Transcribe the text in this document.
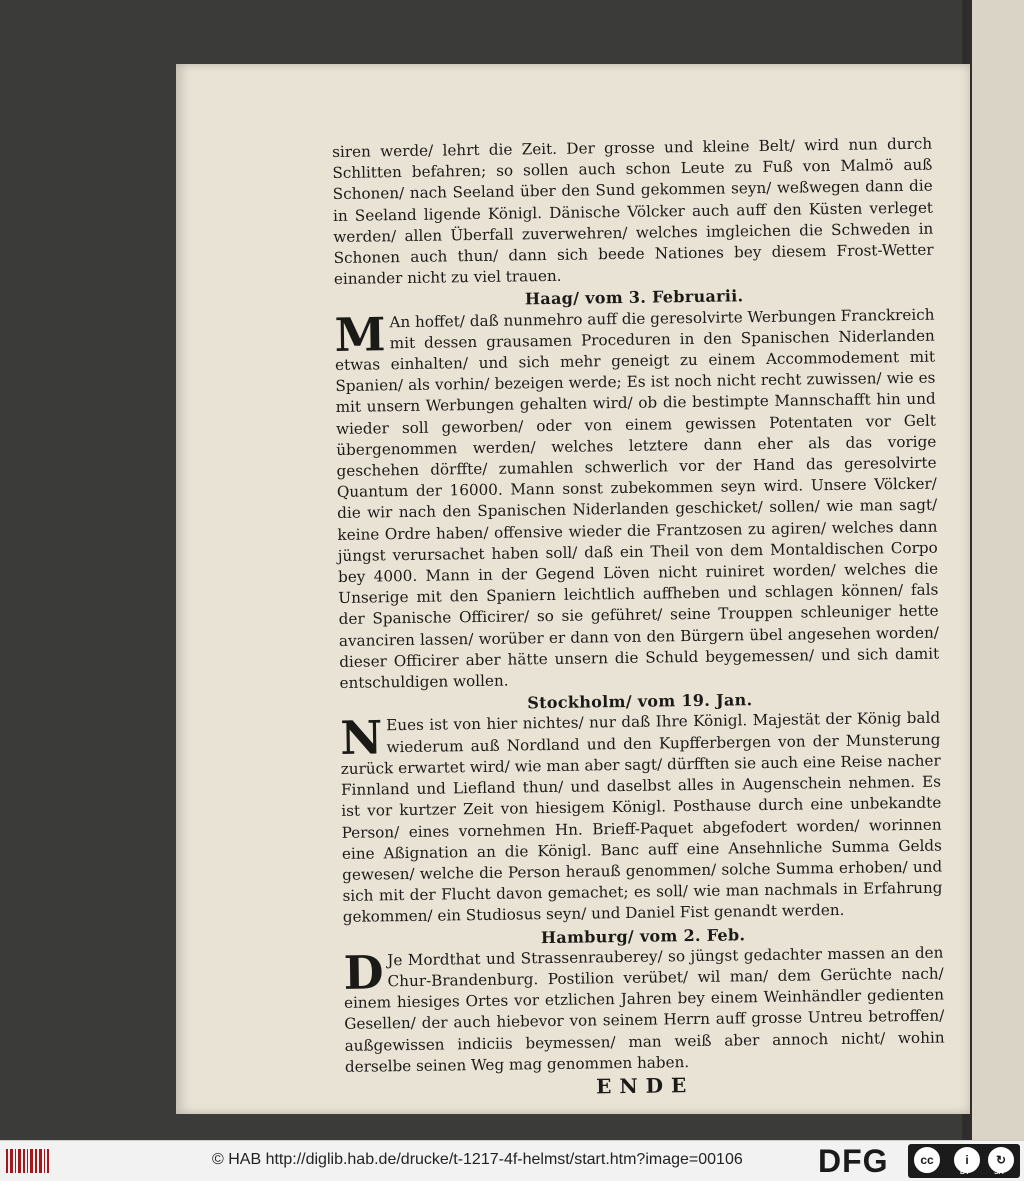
siren werde/ lehrt die Zeit. Der grosse und kleine Belt/ wird nun durch Schlitten befahren; so sollen auch schon Leute zu Fuß von Malmö auß Schonen/ nach Seeland über den Sund gekommen seyn/ weßwegen dann die in Seeland ligende Königl. Dänische Völcker auch auff den Küsten verleget werden/ allen Überfall zuverwehren/ welches imgleichen die Schweden in Schonen auch thun/ dann sich beede Nationes bey diesem Frost-Wetter einander nicht zu viel trauen.

Haag/ vom 3. Februarii.

M An hoffet/ daß nunmehro auff die geresolvirte Werbungen Franckreich mit dessen grausamen Proceduren in den Spanischen Niderlanden etwas einhalten/ und sich mehr geneigt zu einem Accommodement mit Spanien/ als vorhin/ bezeigen werde; Es ist noch nicht recht zuwissen/ wie es mit unsern Werbungen gehalten wird/ ob die bestimpte Mannschafft hin und wieder soll geworben/ oder von einem gewissen Potentaten vor Gelt übergenommen werden/ welches letztere dann eher als das vorige geschehen dörffte/ zumahlen schwerlich vor der Hand das geresolvirte Quantum der 16000. Mann sonst zubekommen seyn wird. Unsere Völcker/ die wir nach den Spanischen Niderlanden geschicket/ sollen/ wie man sagt/ keine Ordre haben/ offensive wieder die Frantzosen zu agiren/ welches dann jüngst verursachet haben soll/ daß ein Theil von dem Montaldischen Corpo bey 4000. Mann in der Gegend Löven nicht ruiniret worden/ welches die Unserige mit den Spaniern leichtlich auffheben und schlagen können/ fals der Spanische Officirer/ so sie geführet/ seine Trouppen schleuniger hette avanciren lassen/ worüber er dann von den Bürgern übel angesehen worden/ dieser Officirer aber hätte unsern die Schuld beygemessen/ und sich damit entschuldigen wollen.

Stockholm/ vom 19. Jan.

N Eues ist von hier nichtes/ nur daß Ihre Königl. Majestät der König bald wiederum auß Nordland und den Kupfferbergen von der Munsterung zurück erwartet wird/ wie man aber sagt/ dürfften sie auch eine Reise nacher Finnland und Liefland thun/ und daselbst alles in Augenschein nehmen. Es ist vor kurtzer Zeit von hiesigem Königl. Posthause durch eine unbekandte Person/ eines vornehmen Hn. Brieff-Paquet abgefodert worden/ worinnen eine Aßignation an die Königl. Banc auff eine Ansehnliche Summa Gelds gewesen/ welche die Person herauß genommen/ solche Summa erhoben/ und sich mit der Flucht davon gemachet; es soll/ wie man nachmals in Erfahrung gekommen/ ein Studiosus seyn/ und Daniel Fist genandt werden.

Hamburg/ vom 2. Feb.

D Je Mordthat und Strassenrauberey/ so jüngst gedachter massen an den Chur-Brandenburg. Postilion verübet/ wil man/ dem Gerüchte nach/ einem hiesiges Ortes vor etzlichen Jahren bey einem Weinhändler gedienten Gesellen/ der auch hiebevor von seinem Herrn auff grosse Untreu betroffen/ außgewissen indiciis beymessen/ man weiß aber annoch nicht/ wohin derselbe seinen Weg mag genommen haben.

ENDE
© HAB http://diglib.hab.de/drucke/t-1217-4f-helmst/start.htm?image=00106 DFG	cc	i	↻
BY	SA
